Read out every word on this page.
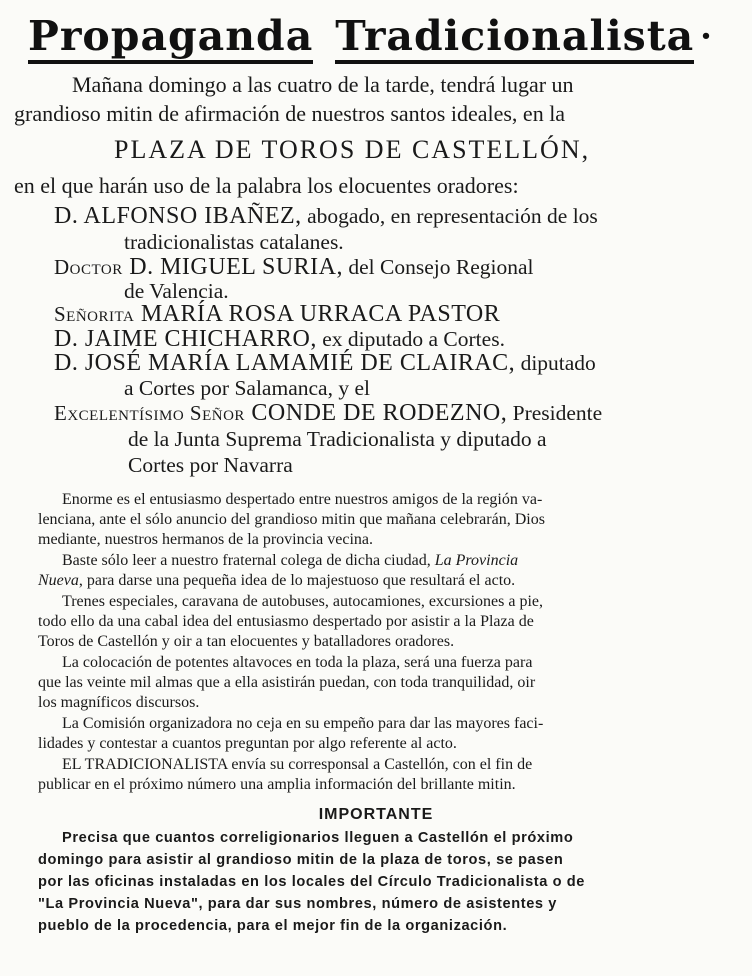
Propaganda Tradicionalista •

Mañana domingo a las cuatro de la tarde, tendrá lugar un

grandioso mitin de afirmación de nuestros santos ideales, en la

PLAZA DE TOROS DE CASTELLÓN,

en el que harán uso de la palabra los elocuentes oradores:

D. ALFONSO IBAÑEZ, abogado, en representación de los

tradicionalistas catalanes.

Doctor D. MIGUEL SURIA, del Consejo Regional

de Valencia.

Señorita MARÍA ROSA URRACA PASTOR

D. JAIME CHICHARRO, ex diputado a Cortes.

D. JOSÉ MARÍA LAMAMIÉ DE CLAIRAC, diputado

a Cortes por Salamanca, y el

Excelentísimo Señor CONDE DE RODEZNO, Presidente

de la Junta Suprema Tradicionalista y diputado a

Cortes por Navarra

Enorme es el entusiasmo despertado entre nuestros amigos de la región va-

lenciana, ante el sólo anuncio del grandioso mitin que mañana celebrarán, Dios

mediante, nuestros hermanos de la provincia vecina.

Baste sólo leer a nuestro fraternal colega de dicha ciudad, La Provincia

Nueva, para darse una pequeña idea de lo majestuoso que resultará el acto.

Trenes especiales, caravana de autobuses, autocamiones, excursiones a pie,

todo ello da una cabal idea del entusiasmo despertado por asistir a la Plaza de

Toros de Castellón y oir a tan elocuentes y batalladores oradores.

La colocación de potentes altavoces en toda la plaza, será una fuerza para

que las veinte mil almas que a ella asistirán puedan, con toda tranquilidad, oir

los magníficos discursos.

La Comisión organizadora no ceja en su empeño para dar las mayores faci-

lidades y contestar a cuantos preguntan por algo referente al acto.

EL TRADICIONALISTA envía su corresponsal a Castellón, con el fin de

publicar en el próximo número una amplia información del brillante mitin.

IMPORTANTE

Precisa que cuantos correligionarios lleguen a Castellón el próximo

domingo para asistir al grandioso mitin de la plaza de toros, se pasen

por las oficinas instaladas en los locales del Círculo Tradicionalista o de

"La Provincia Nueva", para dar sus nombres, número de asistentes y

pueblo de la procedencia, para el mejor fin de la organización.
